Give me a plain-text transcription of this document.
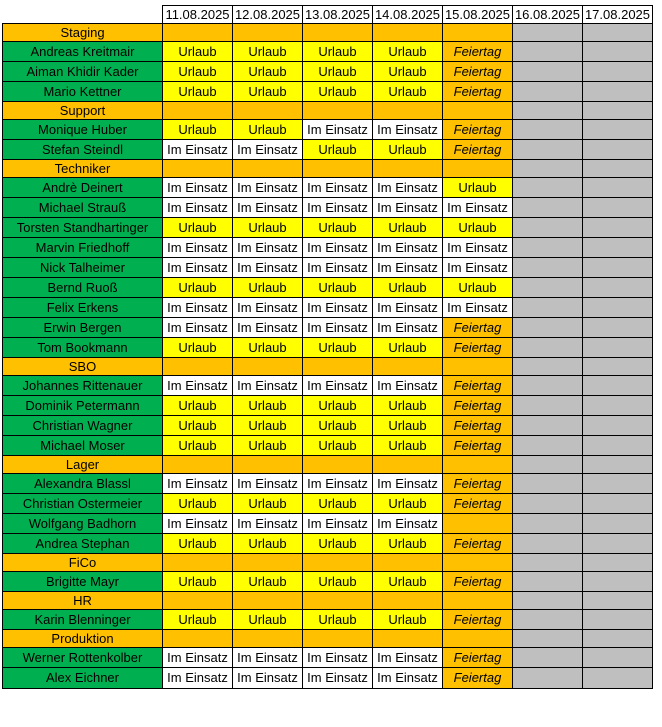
	11.08.2025	12.08.2025	13.08.2025	14.08.2025	15.08.2025	16.08.2025	17.08.2025
Staging							
Andreas Kreitmair	Urlaub	Urlaub	Urlaub	Urlaub	Feiertag		
Aiman Khidir Kader	Urlaub	Urlaub	Urlaub	Urlaub	Feiertag		
Mario Kettner	Urlaub	Urlaub	Urlaub	Urlaub	Feiertag		
Support							
Monique Huber	Urlaub	Urlaub	Im Einsatz	Im Einsatz	Feiertag		
Stefan Steindl	Im Einsatz	Im Einsatz	Urlaub	Urlaub	Feiertag		
Techniker							
Andrè Deinert	Im Einsatz	Im Einsatz	Im Einsatz	Im Einsatz	Urlaub		
Michael Strauß	Im Einsatz	Im Einsatz	Im Einsatz	Im Einsatz	Im Einsatz		
Torsten Standhartinger	Urlaub	Urlaub	Urlaub	Urlaub	Urlaub		
Marvin Friedhoff	Im Einsatz	Im Einsatz	Im Einsatz	Im Einsatz	Im Einsatz		
Nick Talheimer	Im Einsatz	Im Einsatz	Im Einsatz	Im Einsatz	Im Einsatz		
Bernd Ruoß	Urlaub	Urlaub	Urlaub	Urlaub	Urlaub		
Felix Erkens	Im Einsatz	Im Einsatz	Im Einsatz	Im Einsatz	Im Einsatz		
Erwin Bergen	Im Einsatz	Im Einsatz	Im Einsatz	Im Einsatz	Feiertag		
Tom Bookmann	Urlaub	Urlaub	Urlaub	Urlaub	Feiertag		
SBO							
Johannes Rittenauer	Im Einsatz	Im Einsatz	Im Einsatz	Im Einsatz	Feiertag		
Dominik Petermann	Urlaub	Urlaub	Urlaub	Urlaub	Feiertag		
Christian Wagner	Urlaub	Urlaub	Urlaub	Urlaub	Feiertag		
Michael Moser	Urlaub	Urlaub	Urlaub	Urlaub	Feiertag		
Lager							
Alexandra Blassl	Im Einsatz	Im Einsatz	Im Einsatz	Im Einsatz	Feiertag		
Christian Ostermeier	Urlaub	Urlaub	Urlaub	Urlaub	Feiertag		
Wolfgang Badhorn	Im Einsatz	Im Einsatz	Im Einsatz	Im Einsatz			
Andrea Stephan	Urlaub	Urlaub	Urlaub	Urlaub	Feiertag		
FiCo							
Brigitte Mayr	Urlaub	Urlaub	Urlaub	Urlaub	Feiertag		
HR							
Karin Blenninger	Urlaub	Urlaub	Urlaub	Urlaub	Feiertag		
Produktion							
Werner Rottenkolber	Im Einsatz	Im Einsatz	Im Einsatz	Im Einsatz	Feiertag		
Alex Eichner	Im Einsatz	Im Einsatz	Im Einsatz	Im Einsatz	Feiertag		
